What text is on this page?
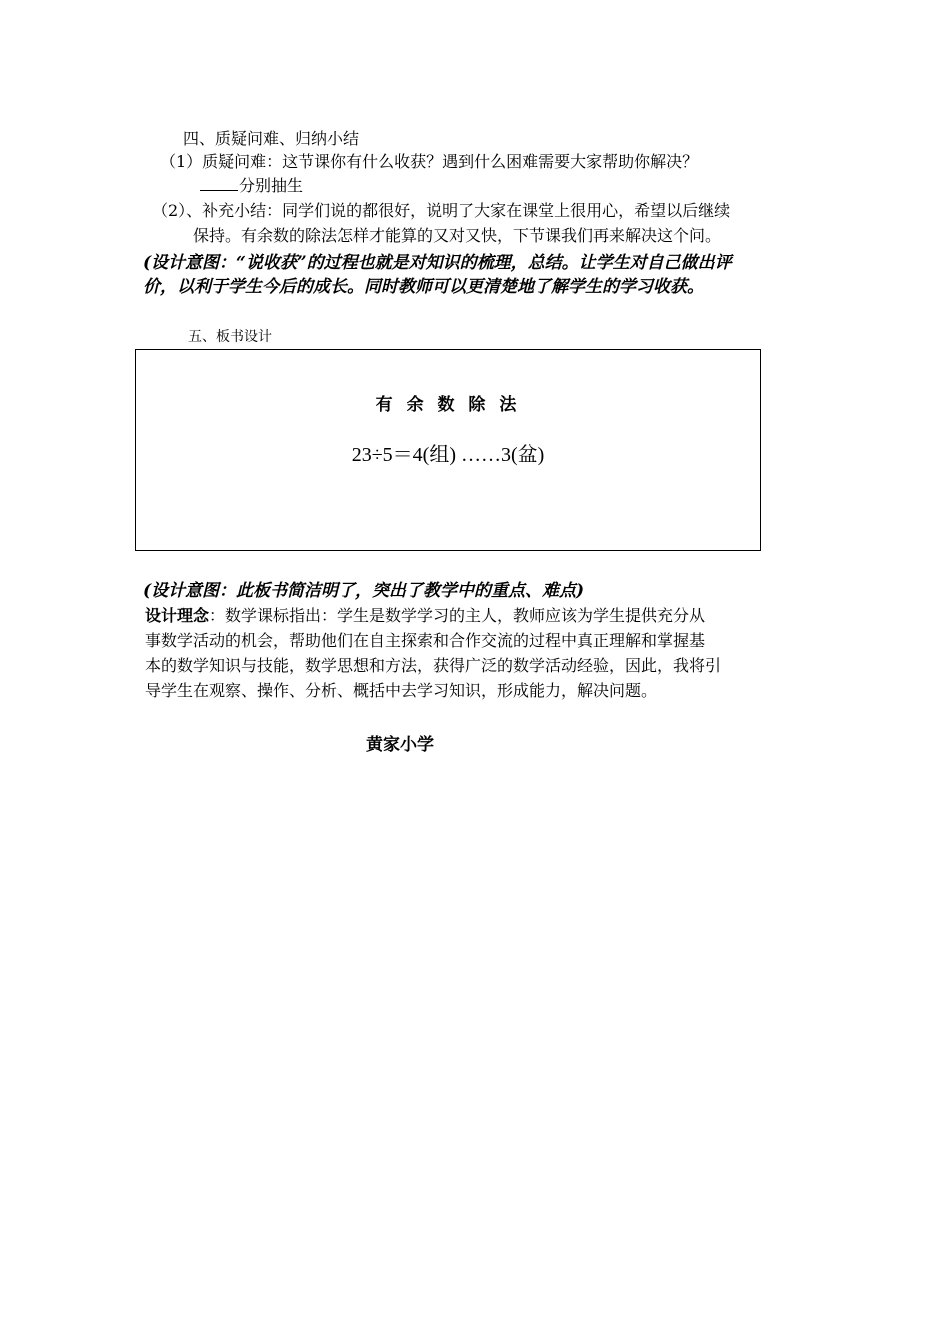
四、质疑问难、归纳小结
（1）质疑问难：这节课你有什么收获？遇到什么困难需要大家帮助你解决？
分别抽生
（2）、补充小结：同学们说的都很好，说明了大家在课堂上很用心，希望以后继续
保持。有余数的除法怎样才能算的又对又快，下节课我们再来解决这个问。
(设计意图：“说收获”的过程也就是对知识的梳理，总结。让学生对自己做出评
价，以利于学生今后的成长。同时教师可以更清楚地了解学生的学习收获。
五、板书设计
有 余 数 除 法
23÷5＝4(组) ……3(盆)
(设计意图：此板书简洁明了，突出了教学中的重点、难点)
设计理念：数学课标指出：学生是数学学习的主人，教师应该为学生提供充分从
事数学活动的机会，帮助他们在自主探索和合作交流的过程中真正理解和掌握基
本的数学知识与技能，数学思想和方法，获得广泛的数学活动经验，因此，我将引
导学生在观察、操作、分析、概括中去学习知识，形成能力，解决问题。
黄家小学
